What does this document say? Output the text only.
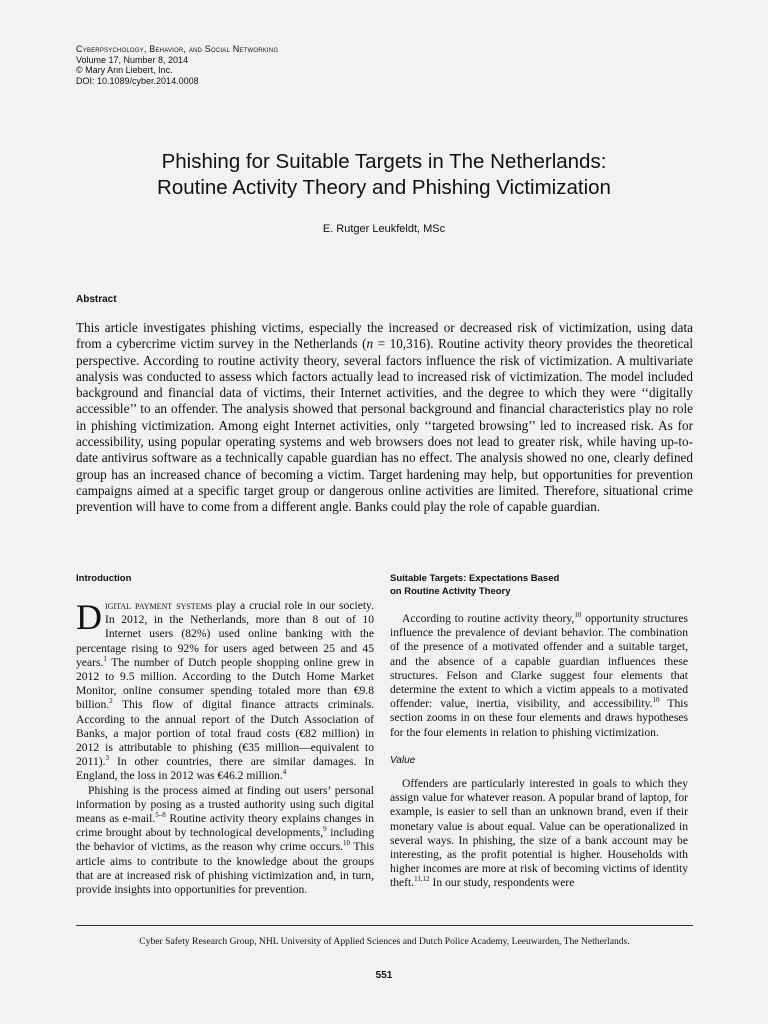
Cyberpsychology, Behavior, and Social Networking
Volume 17, Number 8, 2014
© Mary Ann Liebert, Inc.
DOI: 10.1089/cyber.2014.0008
Phishing for Suitable Targets in The Netherlands:
Routine Activity Theory and Phishing Victimization
E. Rutger Leukfeldt, MSc
Abstract

This article investigates phishing victims, especially the increased or decreased risk of victimization, using data from a cybercrime victim survey in the Netherlands (n = 10,316). Routine activity theory provides the theoretical perspective. According to routine activity theory, several factors influence the risk of victimization. A multivariate analysis was conducted to assess which factors actually lead to increased risk of victimization. The model included background and financial data of victims, their Internet activities, and the degree to which they were ‘‘digitally accessible’’ to an offender. The analysis showed that personal background and financial characteristics play no role in phishing victimization. Among eight Internet activities, only ‘‘targeted browsing’’ led to increased risk. As for accessibility, using popular operating systems and web browsers does not lead to greater risk, while having up-to-date antivirus software as a technically capable guardian has no effect. The analysis showed no one, clearly defined group has an increased chance of becoming a victim. Target hardening may help, but opportunities for prevention campaigns aimed at a specific target group or dangerous online activities are limited. Therefore, situational crime prevention will have to come from a different angle. Banks could play the role of capable guardian.

Introduction

Digital payment systems play a crucial role in our society. In 2012, in the Netherlands, more than 8 out of 10 Internet users (82%) used online banking with the percentage rising to 92% for users aged between 25 and 45 years.$^1$ The number of Dutch people shopping online grew in 2012 to 9.5 million. According to the Dutch Home Market Monitor, online consumer spending totaled more than €9.8 billion.$^2$ This flow of digital finance attracts criminals. According to the annual report of the Dutch Association of Banks, a major portion of total fraud costs (€82 million) in 2012 is attributable to phishing (€35 million—equivalent to 2011).$^3$ In other countries, there are similar damages. In England, the loss in 2012 was €46.2 million.$^4$

Phishing is the process aimed at finding out users’ personal information by posing as a trusted authority using such digital means as e-mail.$^{5-8}$ Routine activity theory explains changes in crime brought about by technological developments,$^9$ including the behavior of victims, as the reason why crime occurs.$^{10}$ This article aims to contribute to the knowledge about the groups that are at increased risk of phishing victimization and, in turn, provide insights into opportunities for prevention.

Suitable Targets: Expectations Based
on Routine Activity Theory

According to routine activity theory,$^{10}$ opportunity structures influence the prevalence of deviant behavior. The combination of the presence of a motivated offender and a suitable target, and the absence of a capable guardian influences these structures. Felson and Clarke suggest four elements that determine the extent to which a victim appeals to a motivated offender: value, inertia, visibility, and accessibility.$^{10}$ This section zooms in on these four elements and draws hypotheses for the four elements in relation to phishing victimization.

Value

Offenders are particularly interested in goals to which they assign value for whatever reason. A popular brand of laptop, for example, is easier to sell than an unknown brand, even if their monetary value is about equal. Value can be operationalized in several ways. In phishing, the size of a bank account may be interesting, as the profit potential is higher. Households with higher incomes are more at risk of becoming victims of identity theft.$^{11,12}$ In our study, respondents were

Cyber Safety Research Group, NHL University of Applied Sciences and Dutch Police Academy, Leeuwarden, The Netherlands.
551
